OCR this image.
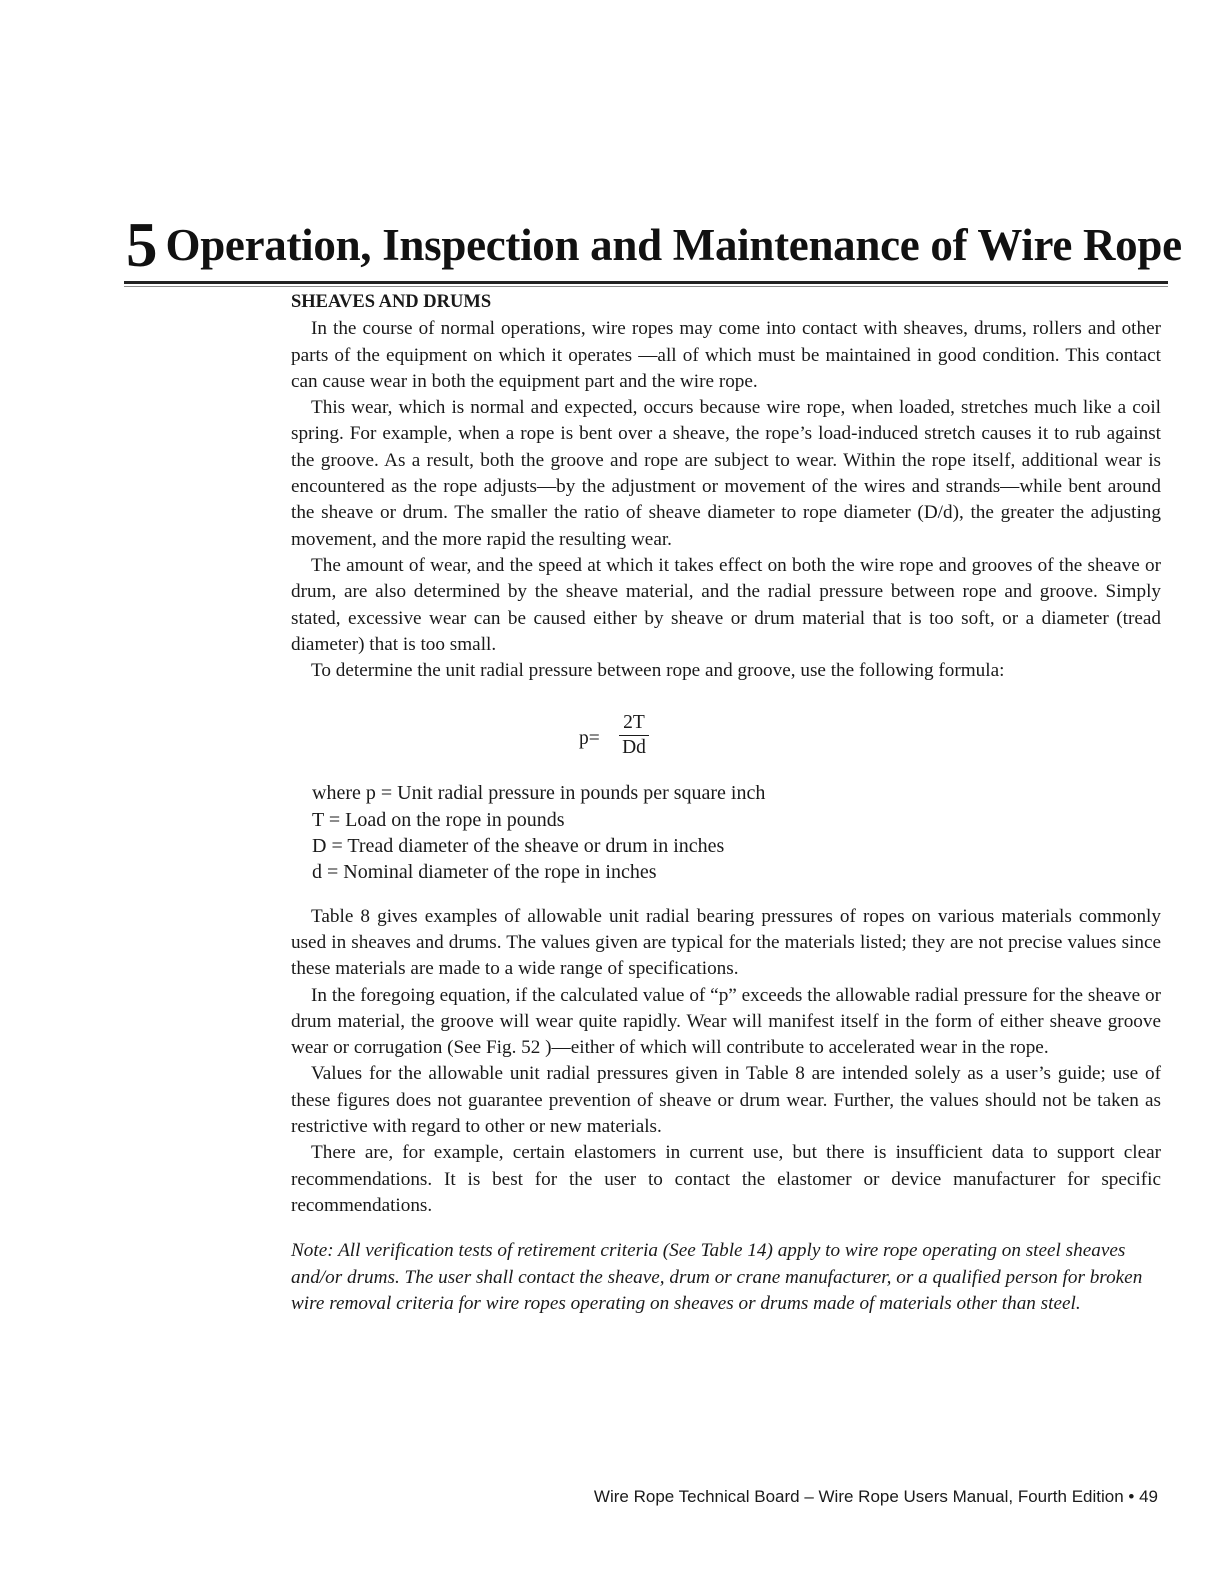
5 Operation, Inspection and Maintenance of Wire Rope
SHEAVES AND DRUMS

In the course of normal operations, wire ropes may come into contact with sheaves, drums, rollers and other parts of the equipment on which it operates —all of which must be maintained in good condition. This contact can cause wear in both the equipment part and the wire rope.

This wear, which is normal and expected, occurs because wire rope, when loaded, stretches much like a coil spring. For example, when a rope is bent over a sheave, the rope’s load-induced stretch causes it to rub against the groove. As a result, both the groove and rope are subject to wear. Within the rope itself, additional wear is encountered as the rope adjusts—by the adjustment or movement of the wires and strands—while bent around the sheave or drum. The smaller the ratio of sheave diameter to rope diameter (D/d), the greater the adjusting movement, and the more rapid the resulting wear.

The amount of wear, and the speed at which it takes effect on both the wire rope and grooves of the sheave or drum, are also determined by the sheave material, and the radial pressure between rope and groove. Simply stated, excessive wear can be caused either by sheave or drum material that is too soft, or a diameter (tread diameter) that is too small.

To determine the unit radial pressure between rope and groove, use the following formula:

$p= \frac{2T}{Dd}$
where p = Unit radial pressure in pounds per square inch
T = Load on the rope in pounds
D = Tread diameter of the sheave or drum in inches
d = Nominal diameter of the rope in inches

Table 8 gives examples of allowable unit radial bearing pressures of ropes on various materials commonly used in sheaves and drums. The values given are typical for the materials listed; they are not precise values since these materials are made to a wide range of specifications.

In the foregoing equation, if the calculated value of “p” exceeds the allowable radial pressure for the sheave or drum material, the groove will wear quite rapidly. Wear will manifest itself in the form of either sheave groove wear or corrugation (See Fig. 52 )—either of which will contribute to accelerated wear in the rope.

Values for the allowable unit radial pressures given in Table 8 are intended solely as a user’s guide; use of these figures does not guarantee prevention of sheave or drum wear. Further, the values should not be taken as restrictive with regard to other or new materials.

There are, for example, certain elastomers in current use, but there is insufficient data to support clear recommendations. It is best for the user to contact the elastomer or device manufacturer for specific recommendations.

Note: All verification tests of retirement criteria (See Table 14) apply to wire rope operating on steel sheaves and/or drums. The user shall contact the sheave, drum or crane manufacturer, or a qualified person for broken wire removal criteria for wire ropes operating on sheaves or drums made of materials other than steel.

Wire Rope Technical Board – Wire Rope Users Manual, Fourth Edition • 49
